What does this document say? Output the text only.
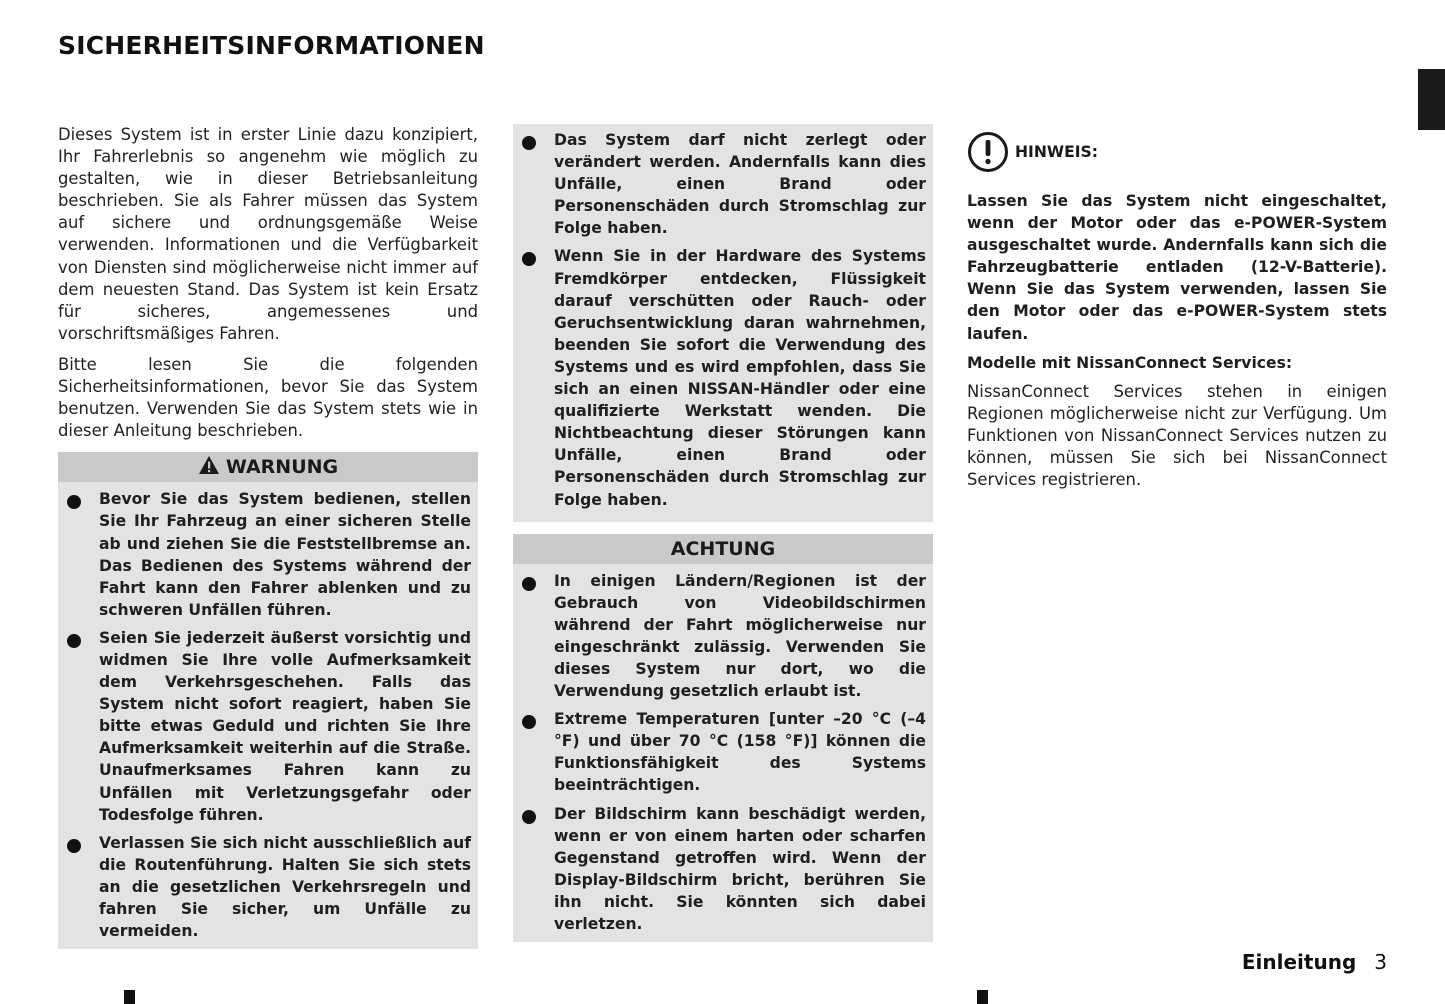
SICHERHEITSINFORMATIONEN

Dieses System ist in erster Linie dazu konzipiert, Ihr Fahrerlebnis so angenehm wie möglich zu gestalten, wie in dieser Betriebsanleitung beschrieben. Sie als Fahrer müssen das System auf sichere und ordnungsgemäße Weise verwenden. Informationen und die Verfügbarkeit von Diensten sind möglicherweise nicht immer auf dem neuesten Stand. Das System ist kein Ersatz für sicheres, angemessenes und vorschriftsmäßiges Fahren.

Bitte lesen Sie die folgenden Sicherheitsinformationen, bevor Sie das System benutzen. Verwenden Sie das System stets wie in dieser Anleitung beschrieben.

WARNUNG
Bevor Sie das System bedienen, stellen Sie Ihr Fahrzeug an einer sicheren Stelle ab und ziehen Sie die Feststellbremse an. Das Bedienen des Systems während der Fahrt kann den Fahrer ablenken und zu schweren Unfällen führen.
Seien Sie jederzeit äußerst vorsichtig und widmen Sie Ihre volle Aufmerksamkeit dem Verkehrsgeschehen. Falls das System nicht sofort reagiert, haben Sie bitte etwas Geduld und richten Sie Ihre Aufmerksamkeit weiterhin auf die Straße. Unaufmerksames Fahren kann zu Unfällen mit Verletzungsgefahr oder Todesfolge führen.
Verlassen Sie sich nicht ausschließlich auf die Routenführung. Halten Sie sich stets an die gesetzlichen Verkehrsregeln und fahren Sie sicher, um Unfälle zu vermeiden.
Das System darf nicht zerlegt oder verändert werden. Andernfalls kann dies Unfälle, einen Brand oder Personenschäden durch Stromschlag zur Folge haben.
Wenn Sie in der Hardware des Systems Fremdkörper entdecken, Flüssigkeit darauf verschütten oder Rauch- oder Geruchsentwicklung daran wahrnehmen, beenden Sie sofort die Verwendung des Systems und es wird empfohlen, dass Sie sich an einen NISSAN-Händler oder eine qualifizierte Werkstatt wenden. Die Nichtbeachtung dieser Störungen kann Unfälle, einen Brand oder Personenschäden durch Stromschlag zur Folge haben.
ACHTUNG
In einigen Ländern/Regionen ist der Gebrauch von Videobildschirmen während der Fahrt möglicherweise nur eingeschränkt zulässig. Verwenden Sie dieses System nur dort, wo die Verwendung gesetzlich erlaubt ist.
Extreme Temperaturen [unter –20 °C (–4 °F) und über 70 °C (158 °F)] können die Funktionsfähigkeit des Systems beeinträchtigen.
Der Bildschirm kann beschädigt werden, wenn er von einem harten oder scharfen Gegenstand getroffen wird. Wenn der Display-Bildschirm bricht, berühren Sie ihn nicht. Sie könnten sich dabei verletzen.
HINWEIS:

Lassen Sie das System nicht eingeschaltet, wenn der Motor oder das e-POWER-System ausgeschaltet wurde. Andernfalls kann sich die Fahrzeugbatterie entladen (12-V-Batterie). Wenn Sie das System verwenden, lassen Sie den Motor oder das e-POWER-System stets laufen.

Modelle mit NissanConnect Services:

NissanConnect Services stehen in einigen Regionen möglicherweise nicht zur Verfügung. Um Funktionen von NissanConnect Services nutzen zu können, müssen Sie sich bei NissanConnect Services registrieren.

Einleitung 3
